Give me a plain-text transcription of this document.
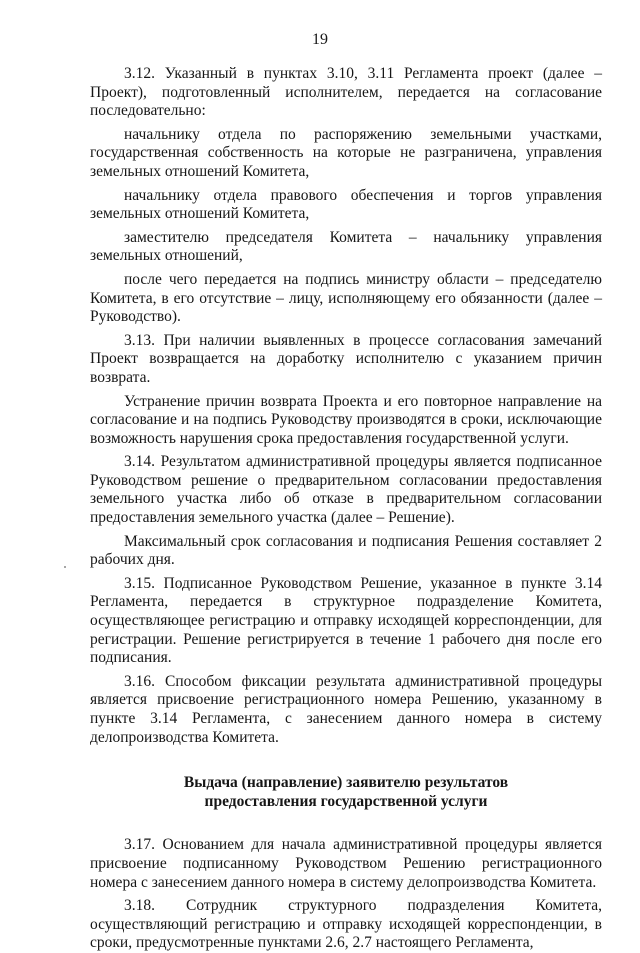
19

3.12. Указанный в пунктах 3.10, 3.11 Регламента проект (далее – Проект), подготовленный исполнителем, передается на согласование последовательно:

начальнику отдела по распоряжению земельными участками, государственная собственность на которые не разграничена, управления земельных отношений Комитета,

начальнику отдела правового обеспечения и торгов управления земельных отношений Комитета,

заместителю председателя Комитета – начальнику управления земельных отношений,

после чего передается на подпись министру области – председателю Комитета, в его отсутствие – лицу, исполняющему его обязанности (далее – Руководство).

3.13. При наличии выявленных в процессе согласования замечаний Проект возвращается на доработку исполнителю с указанием причин возврата.

Устранение причин возврата Проекта и его повторное направление на согласование и на подпись Руководству производятся в сроки, исключающие возможность нарушения срока предоставления государственной услуги.

3.14. Результатом административной процедуры является подписанное Руководством решение о предварительном согласовании предоставления земельного участка либо об отказе в предварительном согласовании предоставления земельного участка (далее – Решение).

Максимальный срок согласования и подписания Решения составляет 2 рабочих дня.

3.15. Подписанное Руководством Решение, указанное в пункте 3.14 Регламента, передается в структурное подразделение Комитета, осуществляющее регистрацию и отправку исходящей корреспонденции, для регистрации. Решение регистрируется в течение 1 рабочего дня после его подписания.

3.16. Способом фиксации результата административной процедуры является присвоение регистрационного номера Решению, указанному в пункте 3.14 Регламента, с занесением данного номера в систему делопроизводства Комитета.

Выдача (направление) заявителю результатов
предоставления государственной услуги

3.17. Основанием для начала административной процедуры является присвоение подписанному Руководством Решению регистрационного номера с занесением данного номера в систему делопроизводства Комитета.

3.18. Сотрудник структурного подразделения Комитета, осуществляющий регистрацию и отправку исходящей корреспонденции, в сроки, предусмотренные пунктами 2.6, 2.7 настоящего Регламента,
